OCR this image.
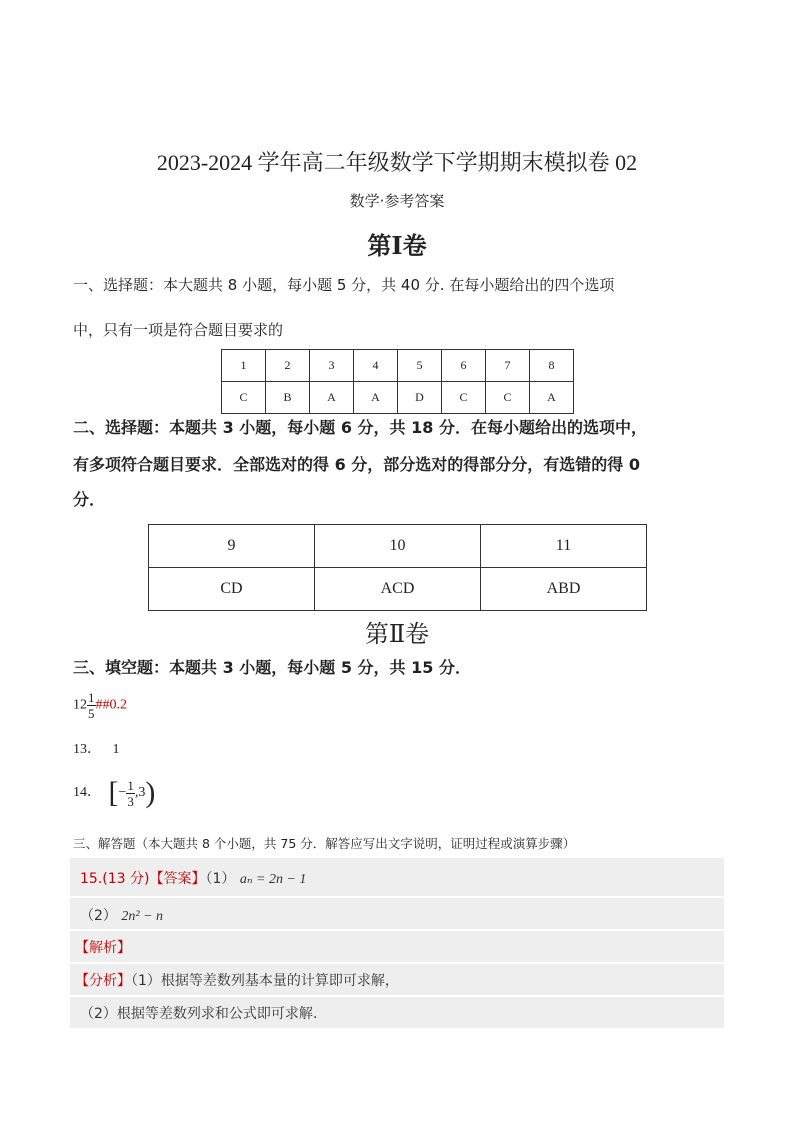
2023-2024 学年高二年级数学下学期期末模拟卷 02
数学·参考答案
第Ⅰ卷
一、选择题：本大题共 8 小题，每小题 5 分，共 40 分. 在每小题给出的四个选项
中，只有一项是符合题目要求的
1	2	3	4	5	6	7	8
C	B	A	A	D	C	C	A
二、选择题：本题共 3 小题，每小题 6 分，共 18 分．在每小题给出的选项中，
有多项符合题目要求．全部选对的得 6 分，部分选对的得部分分，有选错的得 0
分．
9	10	11
CD	ACD	ABD
第Ⅱ卷
三、填空题：本题共 3 小题，每小题 5 分，共 15 分．
$12 \frac{1}{5}$ ##0.2
13． 1
14． [− $\frac{1}{3} ,3$)
三、解答题（本大题共 8 个小题，共 75 分．解答应写出文字说明，证明过程或演算步骤）
15.(13 分)【答案】（1） aₙ = 2n − 1
（2） 2n² − n
【解析】
【分析】（1）根据等差数列基本量的计算即可求解，
（2）根据等差数列求和公式即可求解.
